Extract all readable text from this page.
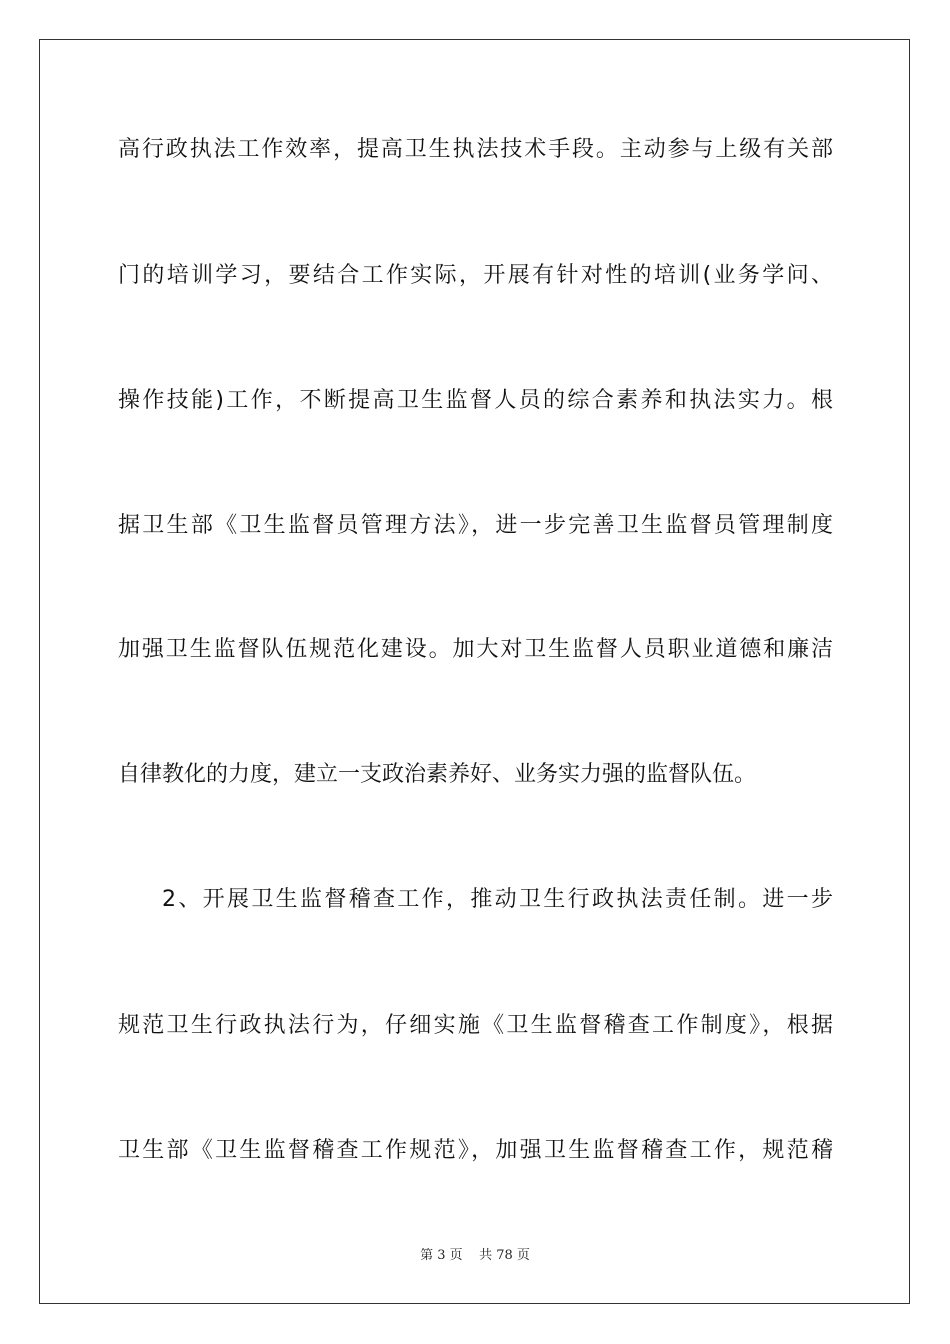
高行政执法工作效率，提高卫生执法技术手段。主动参与上级有关部
门的培训学习，要结合工作实际，开展有针对性的培训(业务学问、
操作技能)工作，不断提高卫生监督人员的综合素养和执法实力。根
据卫生部《卫生监督员管理方法》，进一步完善卫生监督员管理制度
加强卫生监督队伍规范化建设。加大对卫生监督人员职业道德和廉洁
自律教化的力度，建立一支政治素养好、业务实力强的监督队伍。
2、开展卫生监督稽查工作，推动卫生行政执法责任制。进一步
规范卫生行政执法行为，仔细实施《卫生监督稽查工作制度》，根据
卫生部《卫生监督稽查工作规范》，加强卫生监督稽查工作，规范稽
第 3 页    共 78 页
